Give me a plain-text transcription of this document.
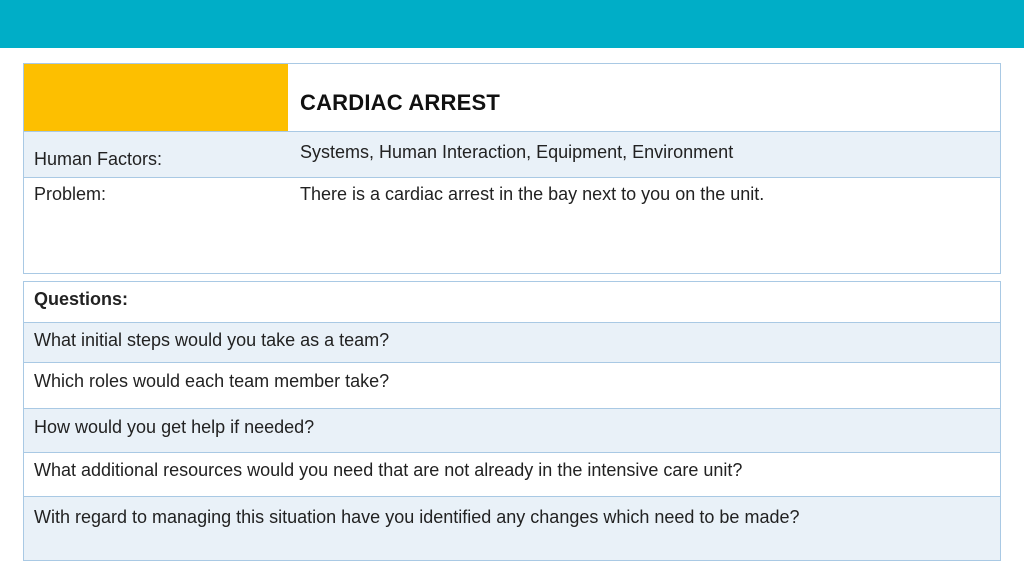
CARDIAC ARREST
Human Factors:	Systems, Human Interaction, Equipment, Environment
Problem:	There is a cardiac arrest in the bay next to you on the unit.
Questions:
What initial steps would you take as a team?
Which roles would each team member take?
How would you get help if needed?
What additional resources would you need that are not already in the intensive care unit?
With regard to managing this situation have you identified any changes which need to be made?
